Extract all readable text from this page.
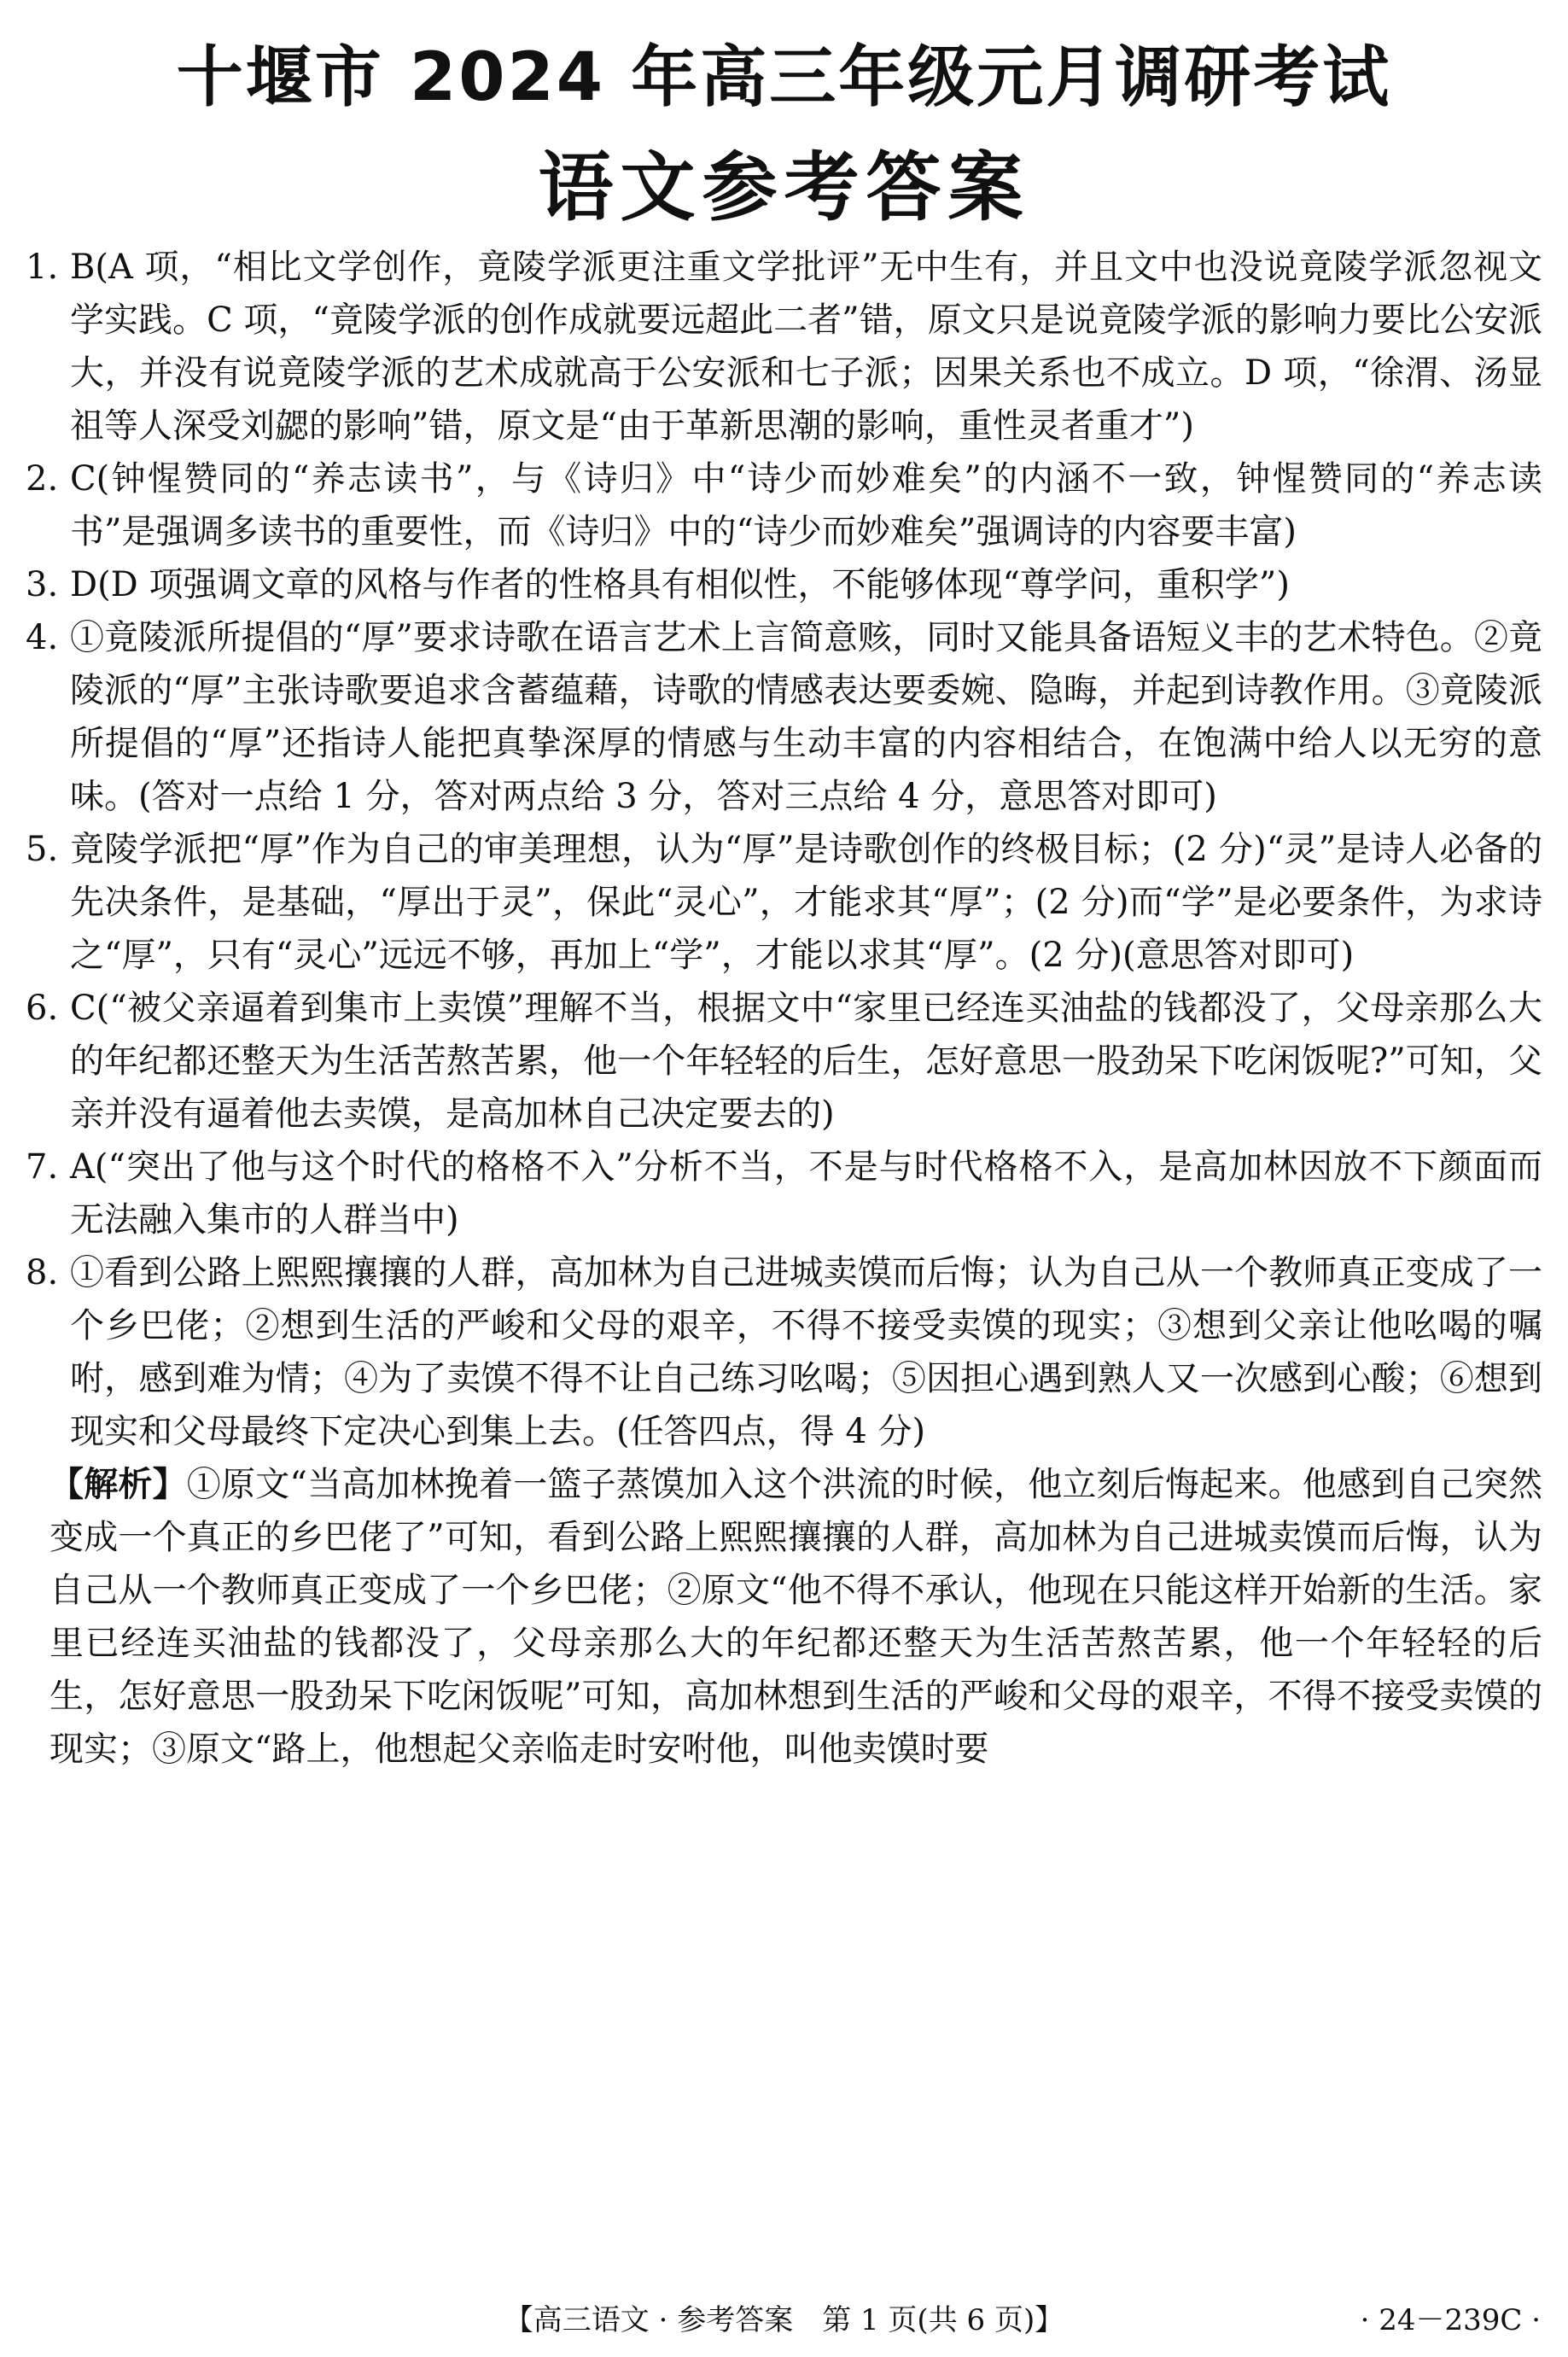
十堰市 2024 年高三年级元月调研考试
语文参考答案
1. B(A 项，“相比文学创作，竟陵学派更注重文学批评”无中生有，并且文中也没说竟陵学派忽视文学实践。C 项，“竟陵学派的创作成就要远超此二者”错，原文只是说竟陵学派的影响力要比公安派大，并没有说竟陵学派的艺术成就高于公安派和七子派；因果关系也不成立。D 项，“徐渭、汤显祖等人深受刘勰的影响”错，原文是“由于革新思潮的影响，重性灵者重才”)
2. C(钟惺赞同的“养志读书”，与《诗归》中“诗少而妙难矣”的内涵不一致，钟惺赞同的“养志读书”是强调多读书的重要性，而《诗归》中的“诗少而妙难矣”强调诗的内容要丰富)
3. D(D 项强调文章的风格与作者的性格具有相似性，不能够体现“尊学问，重积学”)
4. ①竟陵派所提倡的“厚”要求诗歌在语言艺术上言简意赅，同时又能具备语短义丰的艺术特色。②竟陵派的“厚”主张诗歌要追求含蓄蕴藉，诗歌的情感表达要委婉、隐晦，并起到诗教作用。③竟陵派所提倡的“厚”还指诗人能把真挚深厚的情感与生动丰富的内容相结合，在饱满中给人以无穷的意味。(答对一点给 1 分，答对两点给 3 分，答对三点给 4 分，意思答对即可)
5. 竟陵学派把“厚”作为自己的审美理想，认为“厚”是诗歌创作的终极目标；(2 分)“灵”是诗人必备的先决条件，是基础，“厚出于灵”，保此“灵心”，才能求其“厚”；(2 分)而“学”是必要条件，为求诗之“厚”，只有“灵心”远远不够，再加上“学”，才能以求其“厚”。(2 分)(意思答对即可)
6. C(“被父亲逼着到集市上卖馍”理解不当，根据文中“家里已经连买油盐的钱都没了，父母亲那么大的年纪都还整天为生活苦熬苦累，他一个年轻轻的后生，怎好意思一股劲呆下吃闲饭呢?”可知，父亲并没有逼着他去卖馍，是高加林自己决定要去的)
7. A(“突出了他与这个时代的格格不入”分析不当，不是与时代格格不入，是高加林因放不下颜面而无法融入集市的人群当中)
8. ①看到公路上熙熙攘攘的人群，高加林为自己进城卖馍而后悔；认为自己从一个教师真正变成了一个乡巴佬；②想到生活的严峻和父母的艰辛，不得不接受卖馍的现实；③想到父亲让他吆喝的嘱咐，感到难为情；④为了卖馍不得不让自己练习吆喝；⑤因担心遇到熟人又一次感到心酸；⑥想到现实和父母最终下定决心到集上去。(任答四点，得 4 分)
【解析】①原文“当高加林挽着一篮子蒸馍加入这个洪流的时候，他立刻后悔起来。他感到自己突然变成一个真正的乡巴佬了”可知，看到公路上熙熙攘攘的人群，高加林为自己进城卖馍而后悔，认为自己从一个教师真正变成了一个乡巴佬；②原文“他不得不承认，他现在只能这样开始新的生活。家里已经连买油盐的钱都没了，父母亲那么大的年纪都还整天为生活苦熬苦累，他一个年轻轻的后生，怎好意思一股劲呆下吃闲饭呢”可知，高加林想到生活的严峻和父母的艰辛，不得不接受卖馍的现实；③原文“路上，他想起父亲临走时安咐他，叫他卖馍时要
【高三语文 · 参考答案　第 1 页(共 6 页)】	· 24－239C ·
